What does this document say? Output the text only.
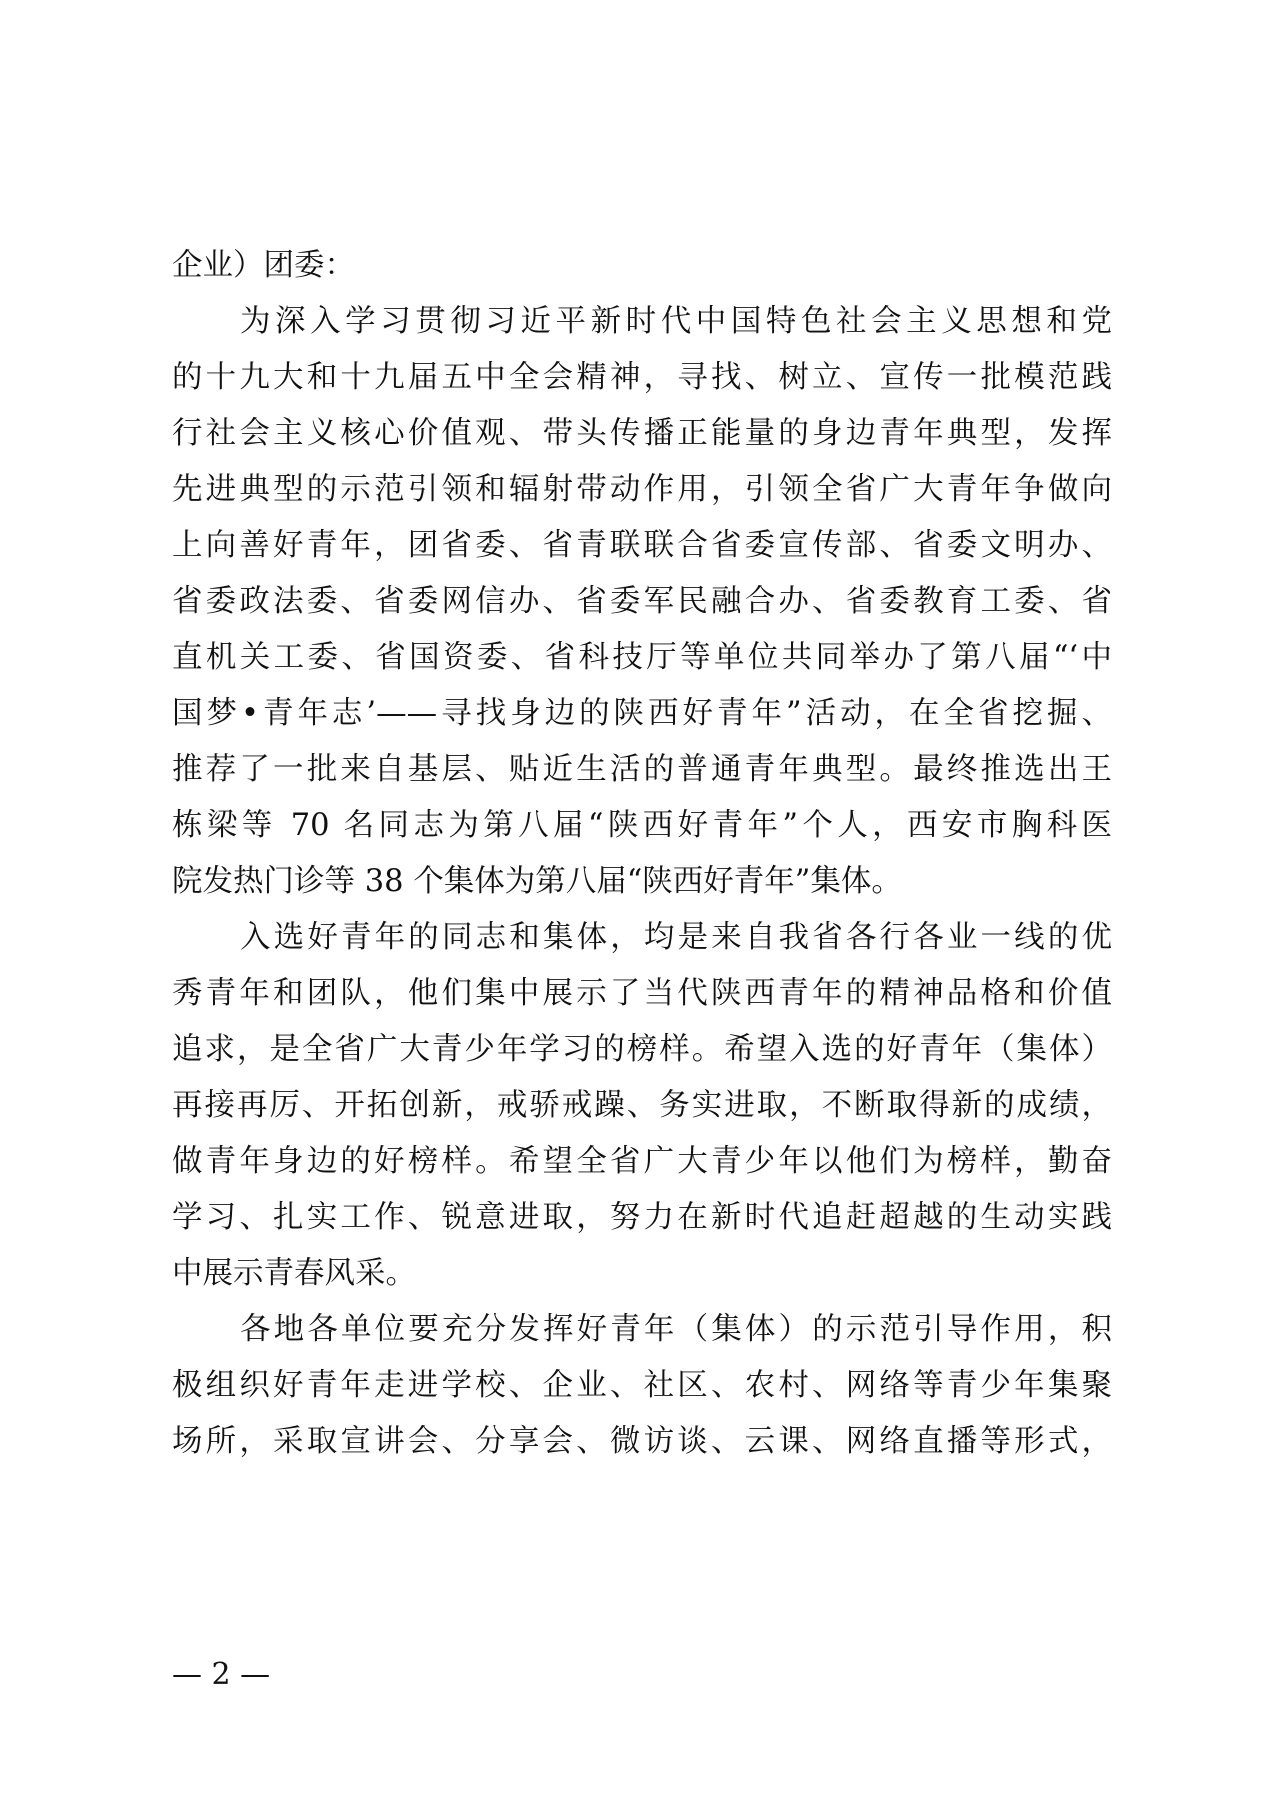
企业）团委：
为深入学习贯彻习近平新时代中国特色社会主义思想和党
的十九大和十九届五中全会精神，寻找、树立、宣传一批模范践
行社会主义核心价值观、带头传播正能量的身边青年典型，发挥
先进典型的示范引领和辐射带动作用，引领全省广大青年争做向
上向善好青年，团省委、省青联联合省委宣传部、省委文明办、
省委政法委、省委网信办、省委军民融合办、省委教育工委、省
直机关工委、省国资委、省科技厅等单位共同举办了第八届“‘中
国梦•青年志’——寻找身边的陕西好青年”活动，在全省挖掘、
推荐了一批来自基层、贴近生活的普通青年典型。最终推选出王
栋梁等 70 名同志为第八届“陕西好青年”个人，西安市胸科医
院发热门诊等 38 个集体为第八届“陕西好青年”集体。
入选好青年的同志和集体，均是来自我省各行各业一线的优
秀青年和团队，他们集中展示了当代陕西青年的精神品格和价值
追求，是全省广大青少年学习的榜样。希望入选的好青年（集体）
再接再厉、开拓创新，戒骄戒躁、务实进取，不断取得新的成绩，
做青年身边的好榜样。希望全省广大青少年以他们为榜样，勤奋
学习、扎实工作、锐意进取，努力在新时代追赶超越的生动实践
中展示青春风采。
各地各单位要充分发挥好青年（集体）的示范引导作用，积
极组织好青年走进学校、企业、社区、农村、网络等青少年集聚
场所，采取宣讲会、分享会、微访谈、云课、网络直播等形式，
— 2 —
